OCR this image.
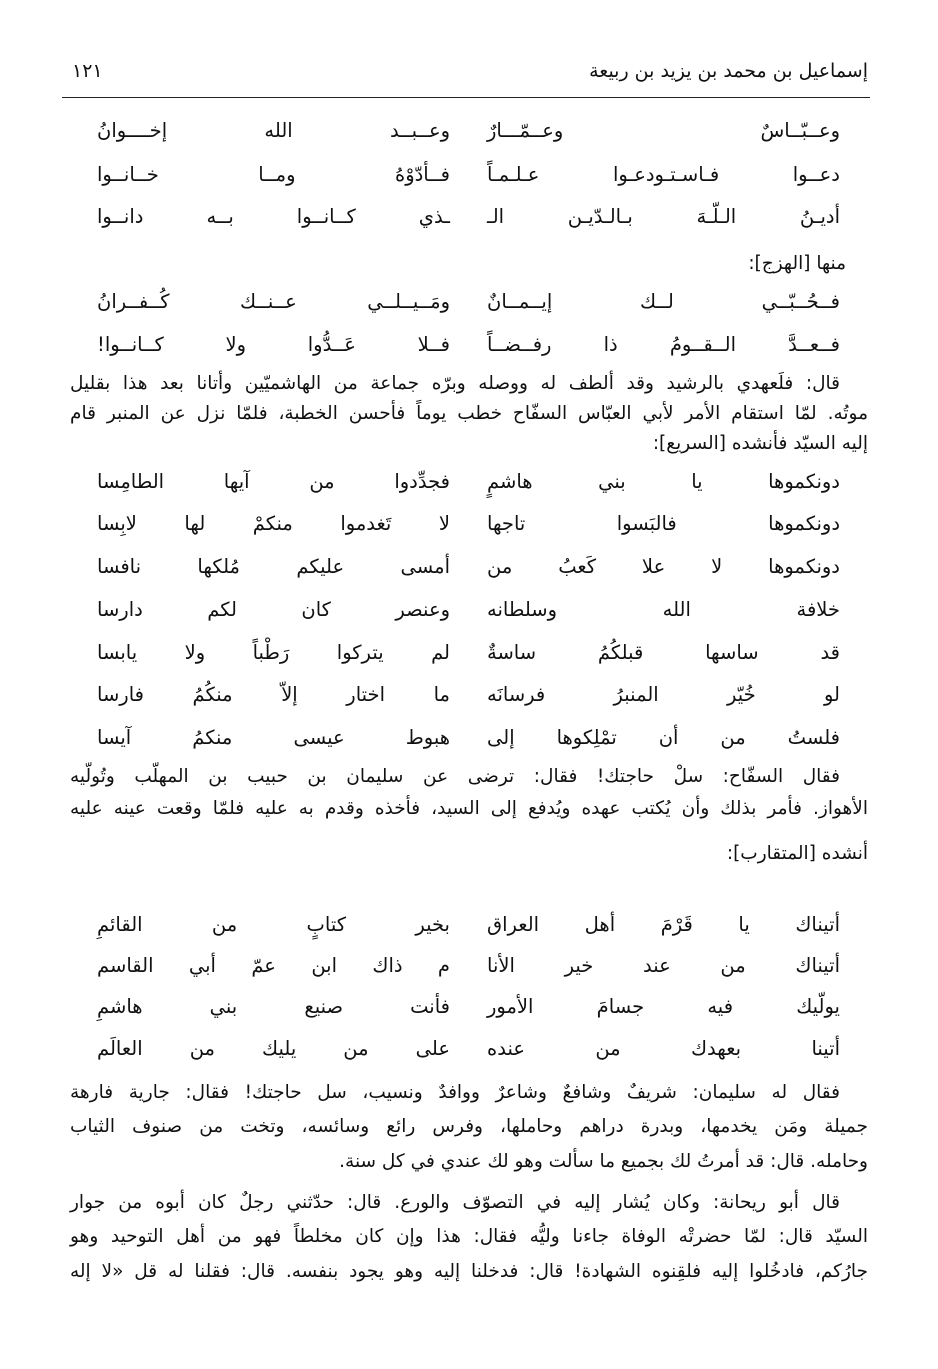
إسماعيل بن محمد بن يزيد بن ربيعة
١٢١
وعــبّــاسٌ وعــمّـــارٌ
وعــبــد الله إخــــوانُ
دعــوا فـاسـتـودعـوا عـلـمـاً
فــأدّوْهُ ومــا خــانــوا
أديـنُ الـلّـهَ بـالـدّيـن الـ
ـذي كــانــوا بــه دانــوا
منها [الهزج]:
فــحُــبّــي لــك إيــمــانٌ
ومَــيــلــي عــنــك كُــفــرانُ
فــعــدَّ الــقــومُ ذا رفــضــاً
فــلا عَــدُّوا ولا كــانــوا!
قال: فلَعهدي بالرشيد وقد ألطف له ووصله وبرّه جماعة من الهاشميّين وأتانا بعد هذا بقليل
موتُه. لمّا استقام الأمر لأبي العبّاس السفّاح خطب يوماً فأحسن الخطبة، فلمّا نزل عن المنبر قام
إليه السيّد فأنشده [السريع]:
دونكموها يا بني هاشمٍ
فجدِّدوا من آيها الطامِسا
دونكموها فالبَسوا تاجها
لا تَغدموا منكمْ لها لابِسا
دونكموها لا علا كَعبُ من
أمسى عليكم مُلكها نافسا
خلافة الله وسلطانه
وعنصر كان لكم دارسا
قد ساسها قبلكُمُ ساسةٌ
لم يتركوا رَطْباً ولا يابسا
لو خُيّر المنبرُ فرسانَه
ما اختار إلاّ منكُمُ فارسا
فلستُ من أن تمْلِكوها إلى
هبوط عيسى منكمُ آيسا
فقال السفّاح: سلْ حاجتك! فقال: ترضى عن سليمان بن حبيب بن المهلّب وتُولّيه
الأهواز. فأمر بذلك وأن يُكتب عهده ويُدفع إلى السيد، فأخذه وقدم به عليه فلمّا وقعت عينه عليه
أنشده [المتقارب]:
أتيناك يا قَرْمَ أهل العراق
بخير كتابٍ من القائمِ
أتيناك من عند خير الأنا
م ذاك ابن عمّ أبي القاسم
يولّيك فيه جسامَ الأمور
فأنت صنيع بني هاشمِ
أتينا بعهدك من عنده
على من يليك من العالَم
فقال له سليمان: شريفٌ وشافعٌ وشاعرٌ ووافدٌ ونسيب، سل حاجتك! فقال: جارية فارهة
جميلة ومَن يخدمها، وبدرة دراهم وحاملها، وفرس رائع وسائسه، وتخت من صنوف الثياب
وحامله. قال: قد أمرتُ لك بجميع ما سألت وهو لك عندي في كل سنة.
قال أبو ريحانة: وكان يُشار إليه في التصوّف والورع. قال: حدّثني رجلٌ كان أبوه من جوار
السيّد قال: لمّا حضرتْه الوفاة جاءنا وليُّه فقال: هذا وإن كان مخلطاً فهو من أهل التوحيد وهو
جارُكم، فادخُلوا إليه فلقِنوه الشهادة! قال: فدخلنا إليه وهو يجود بنفسه. قال: فقلنا له قل «لا إله
